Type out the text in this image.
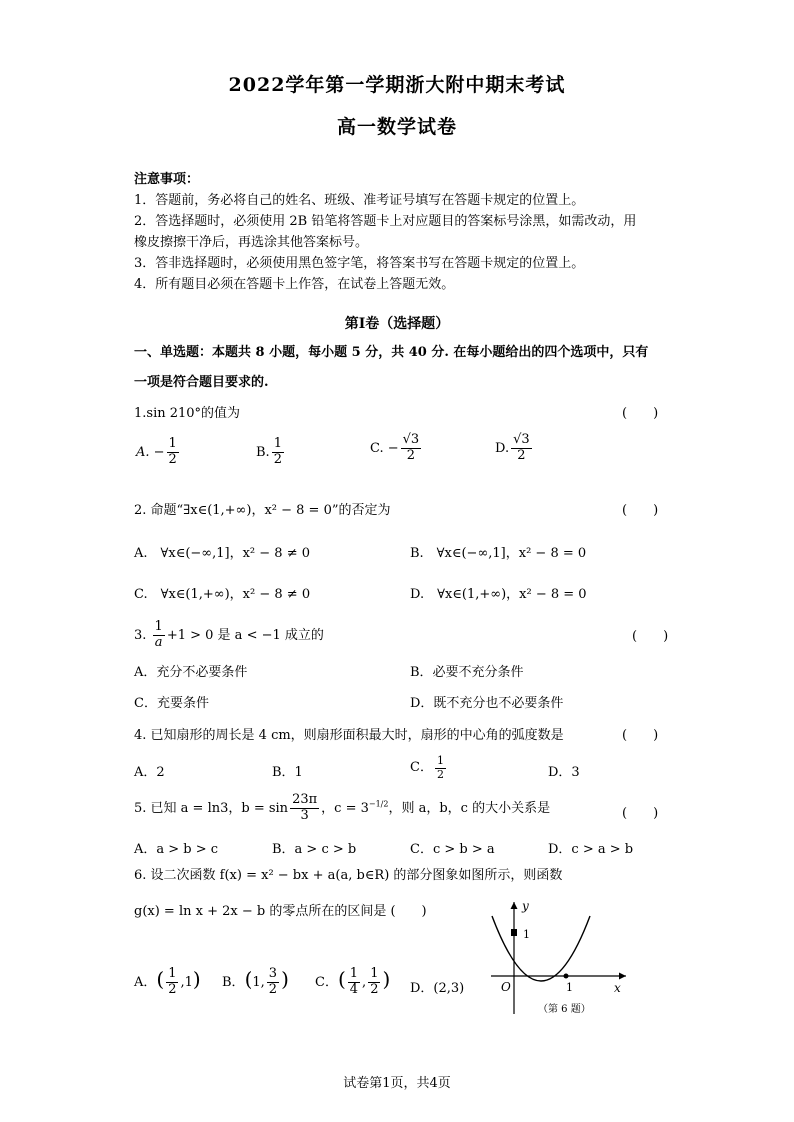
2022学年第一学期浙大附中期末考试
高一数学试卷
注意事项：
1．答题前，务必将自己的姓名、班级、准考证号填写在答题卡规定的位置上。
2．答选择题时，必须使用 2B 铅笔将答题卡上对应题目的答案标号涂黑，如需改动，用
橡皮擦擦干净后，再选涂其他答案标号。
3．答非选择题时，必须使用黑色签字笔，将答案书写在答题卡规定的位置上。
4．所有题目必须在答题卡上作答，在试卷上答题无效。
第Ⅰ卷（选择题）
一、单选题：本题共 8 小题，每小题 5 分，共 40 分. 在每小题给出的四个选项中，只有
一项是符合题目要求的.
1.sin 210°的值为	(　　)
A. − $\frac{1}{2}$	B. $\frac{1}{2}$	C. − $\frac{√3}{2}$	D. $\frac{√3}{2}$
2. 命题“∃x∈(1,+∞)，x² − 8 = 0”的否定为	(　　)
A.　∀x∈(−∞,1]，x² − 8 ≠ 0	B.　∀x∈(−∞,1]，x² − 8 = 0
C.　∀x∈(1,+∞)，x² − 8 ≠ 0	D.　∀x∈(1,+∞)，x² − 8 = 0
3. $\frac{1}{a} +1 > 0$ 是 a < −1 成立的	(　　)
A．充分不必要条件	B．必要不充分条件
C．充要条件	D．既不充分也不必要条件
4. 已知扇形的周长是 4 cm，则扇形面积最大时，扇形的中心角的弧度数是	(　　)
A．2	B．1	C． $\frac{1}{2}$	D．3
5. 已知 a = ln3，$b = \sin \frac{23\pi}{3}$ ，$c = 3^{-1/2}$，则 a，b，c 的大小关系是	(　　)
A．a > b > c	B．a > c > b	C．c > b > a	D．c > a > b
6. 设二次函数 f(x) = x² − bx + a(a, b∈R) 的部分图象如图所示，则函数
g(x) = ln x + 2x − b 的零点所在的区间是 (　　)
A．( $\frac{1}{2} ,1$) B．(1, $\frac{3}{2}$ ) C．( $\frac{1}{4}$ , $\frac{1}{2}$ ) D．(2,3)
y
1
O	1	x
（第 6 题）
试卷第1页，共4页
